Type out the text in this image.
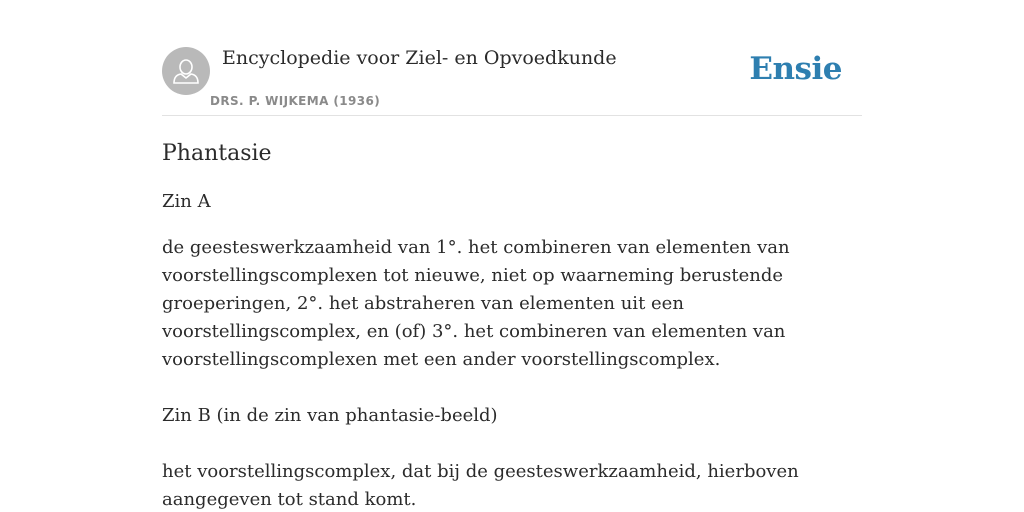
Encyclopedie voor Ziel- en Opvoedkunde
DRS. P. WIJKEMA (1936)
Ensie
Phantasie

Zin A

de geesteswerkzaamheid van 1°. het combineren van elementen van voorstellingscomplexen tot nieuwe, niet op waarneming berustende groeperingen, 2°. het abstraheren van elementen uit een voorstellingscomplex, en (of) 3°. het combineren van elementen van voorstellingscomplexen met een ander voorstellingscomplex.

Zin B (in de zin van phantasie-beeld)

het voorstellingscomplex, dat bij de geesteswerkzaamheid, hierboven aangegeven tot stand komt.
